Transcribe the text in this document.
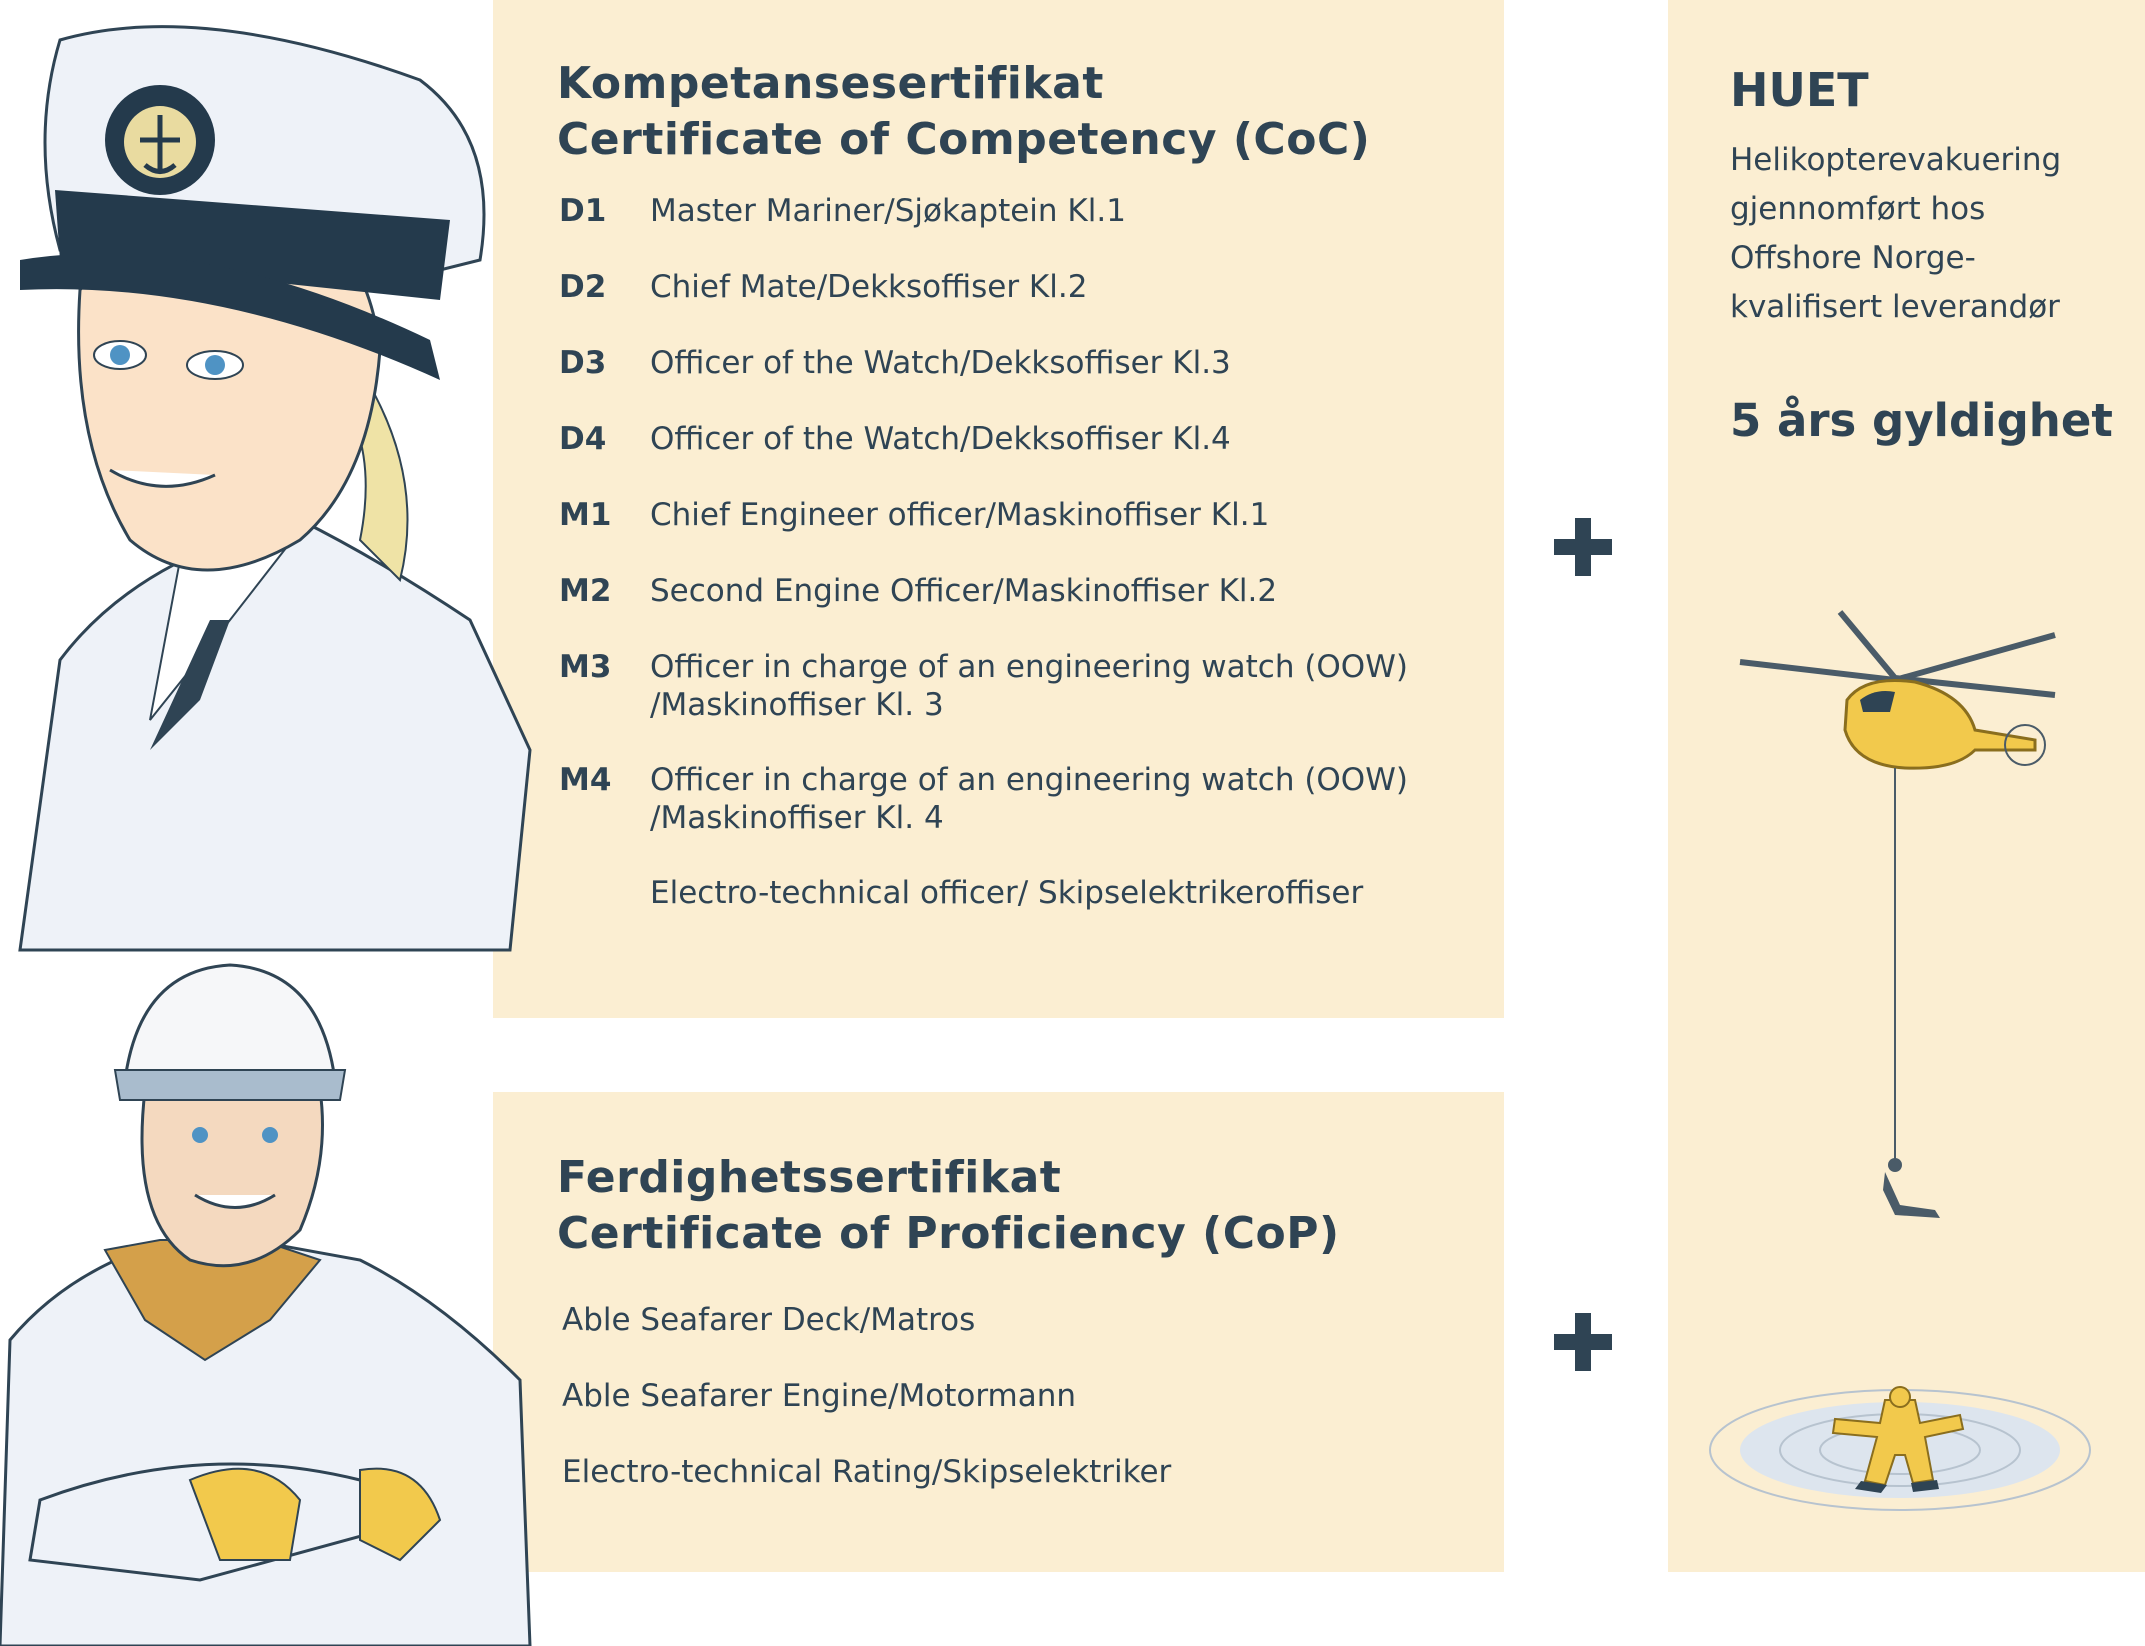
Kompetansesertifikat
Certificate of Competency (CoC)
D1	Master Mariner/Sjøkaptein Kl.1
D2	Chief Mate/Dekksoffiser Kl.2
D3	Officer of the Watch/Dekksoffiser Kl.3
D4	Officer of the Watch/Dekksoffiser Kl.4
M1	Chief Engineer officer/Maskinoffiser Kl.1
M2	Second Engine Officer/Maskinoffiser Kl.2
M3	Officer in charge of an engineering watch (OOW)
/Maskinoffiser Kl. 3
M4	Officer in charge of an engineering watch (OOW)
/Maskinoffiser Kl. 4
Electro-technical officer/ Skipselektrikeroffiser
Ferdighetssertifikat
Certificate of Proficiency (CoP)
Able Seafarer Deck/Matros
Able Seafarer Engine/Motormann
Electro-technical Rating/Skipselektriker
HUET
Helikopterevakuering
gjennomført hos
Offshore Norge-
kvalifisert leverandør
5 års gyldighet
